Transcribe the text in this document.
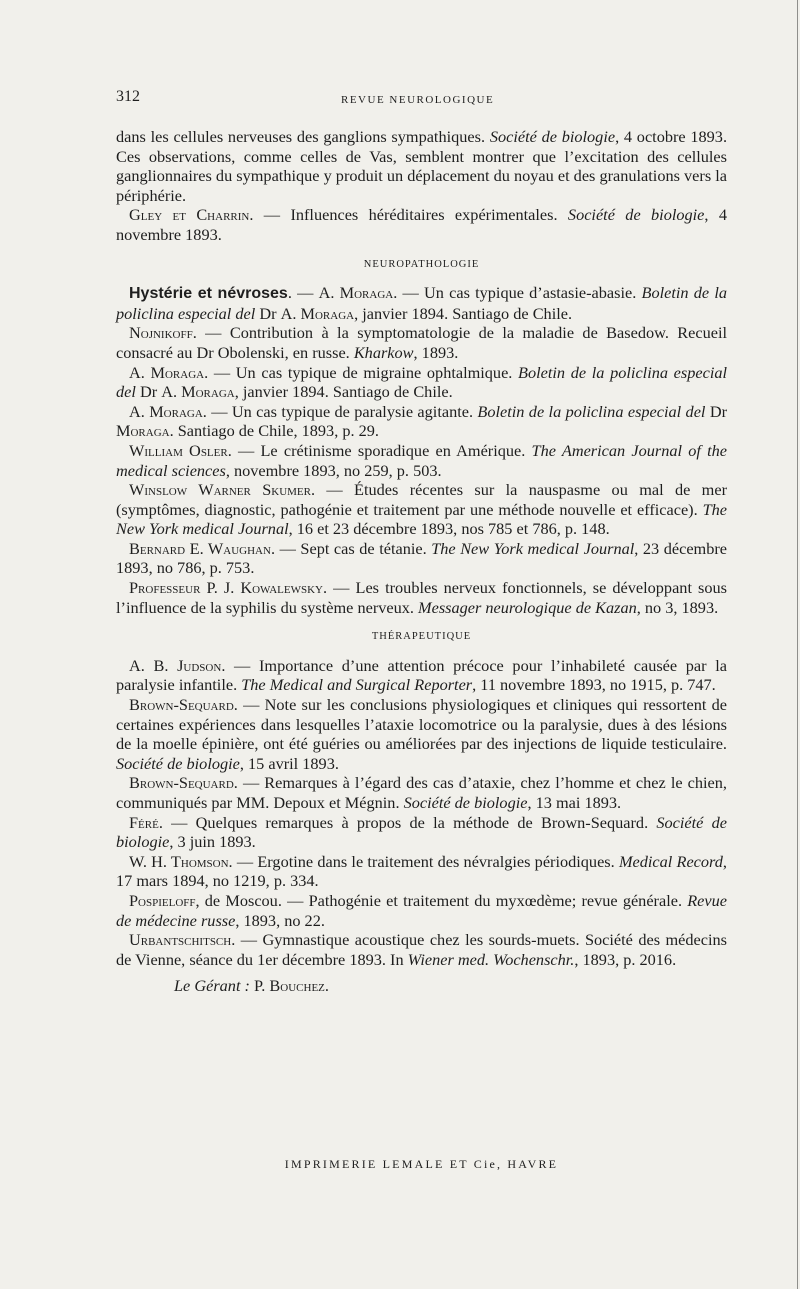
312	REVUE NEUROLOGIQUE

dans les cellules nerveuses des ganglions sympathiques. Société de biologie, 4 octobre 1893. Ces observations, comme celles de Vas, semblent montrer que l’excitation des cellules ganglionnaires du sympathique y produit un déplacement du noyau et des granulations vers la périphérie.

Gley et Charrin. — Influences héréditaires expérimentales. Société de biologie, 4 novembre 1893.

NEUROPATHOLOGIE

Hystérie et névroses. — A. Moraga. — Un cas typique d’astasie-abasie. Boletin de la policlina especial del Dr A. Moraga, janvier 1894. Santiago de Chile.

Nojnikoff. — Contribution à la symptomatologie de la maladie de Basedow. Recueil consacré au Dr Obolenski, en russe. Kharkow, 1893.

A. Moraga. — Un cas typique de migraine ophtalmique. Boletin de la policlina especial del Dr A. Moraga, janvier 1894. Santiago de Chile.

A. Moraga. — Un cas typique de paralysie agitante. Boletin de la policlina especial del Dr Moraga. Santiago de Chile, 1893, p. 29.

William Osler. — Le crétinisme sporadique en Amérique. The American Journal of the medical sciences, novembre 1893, no 259, p. 503.

Winslow Warner Skumer. — Études récentes sur la nauspasme ou mal de mer (symptômes, diagnostic, pathogénie et traitement par une méthode nouvelle et efficace). The New York medical Journal, 16 et 23 décembre 1893, nos 785 et 786, p. 148.

Bernard E. Waughan. — Sept cas de tétanie. The New York medical Journal, 23 décembre 1893, no 786, p. 753.

Professeur P. J. Kowalewsky. — Les troubles nerveux fonctionnels, se développant sous l’influence de la syphilis du système nerveux. Messager neurologique de Kazan, no 3, 1893.

THÉRAPEUTIQUE

A. B. Judson. — Importance d’une attention précoce pour l’inhabileté causée par la paralysie infantile. The Medical and Surgical Reporter, 11 novembre 1893, no 1915, p. 747.

Brown-Sequard. — Note sur les conclusions physiologiques et cliniques qui ressortent de certaines expériences dans lesquelles l’ataxie locomotrice ou la paralysie, dues à des lésions de la moelle épinière, ont été guéries ou améliorées par des injections de liquide testiculaire. Société de biologie, 15 avril 1893.

Brown-Sequard. — Remarques à l’égard des cas d’ataxie, chez l’homme et chez le chien, communiqués par MM. Depoux et Mégnin. Société de biologie, 13 mai 1893.

Féré. — Quelques remarques à propos de la méthode de Brown-Sequard. Société de biologie, 3 juin 1893.

W. H. Thomson. — Ergotine dans le traitement des névralgies périodiques. Medical Record, 17 mars 1894, no 1219, p. 334.

Pospieloff, de Moscou. — Pathogénie et traitement du myxœdème; revue générale. Revue de médecine russe, 1893, no 22.

Urbantschitsch. — Gymnastique acoustique chez les sourds-muets. Société des médecins de Vienne, séance du 1er décembre 1893. In Wiener med. Wochenschr., 1893, p. 2016.

Le Gérant : P. Bouchez.

IMPRIMERIE LEMALE ET Cie, HAVRE
